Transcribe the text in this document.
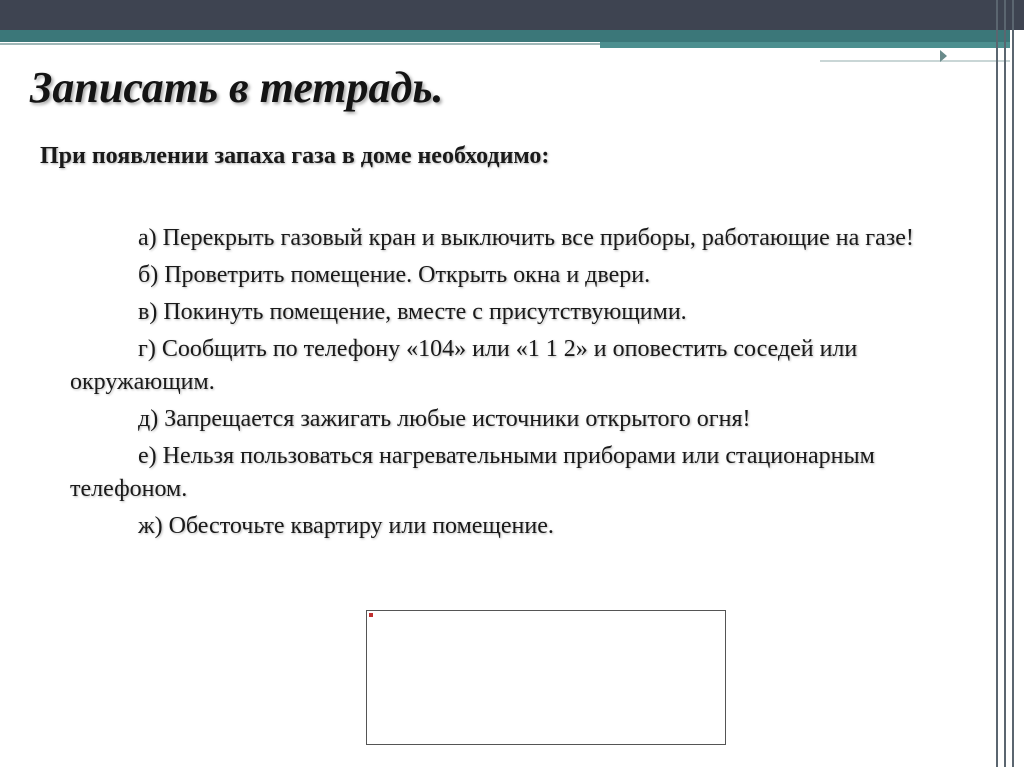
Записать в тетрадь.

При появлении запаха газа в доме необходимо:

а) Перекрыть газовый кран и выключить все приборы, работающие на газе!
б) Проветрить помещение. Открыть окна и двери.
в) Покинуть помещение, вместе с присутствующими.
г) Сообщить по телефону «104» или «1 1 2» и оповестить соседей или окружающим.
д) Запрещается зажигать любые источники открытого огня!
е) Нельзя пользоваться нагревательными приборами или стационарным телефоном.
ж) Обесточьте квартиру или помещение.
